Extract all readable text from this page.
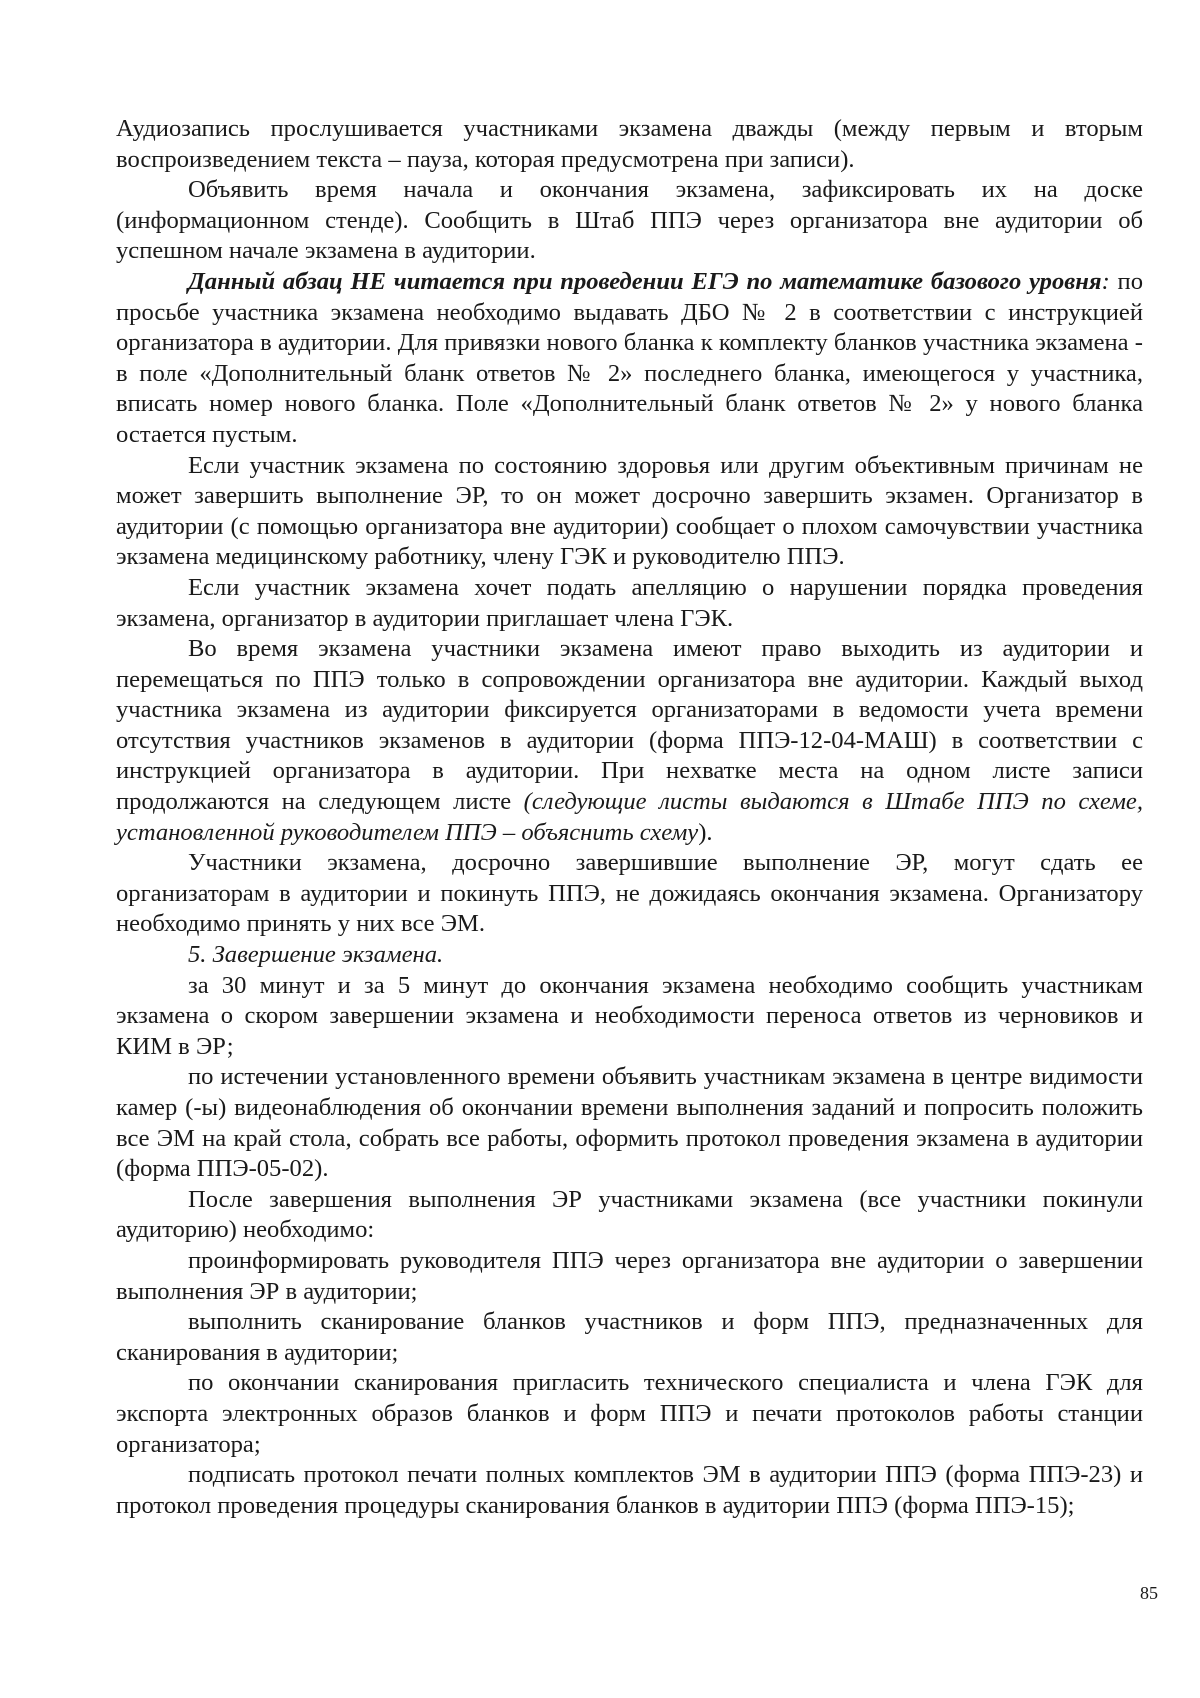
Аудиозапись прослушивается участниками экзамена дважды (между первым и вторым воспроизведением текста – пауза, которая предусмотрена при записи).

Объявить время начала и окончания экзамена, зафиксировать их на доске (информационном стенде). Сообщить в Штаб ППЭ через организатора вне аудитории об успешном начале экзамена в аудитории.

Данный абзац НЕ читается при проведении ЕГЭ по математике базового уровня: по просьбе участника экзамена необходимо выдавать ДБО № 2 в соответствии с инструкцией организатора в аудитории. Для привязки нового бланка к комплекту бланков участника экзамена - в поле «Дополнительный бланк ответов № 2» последнего бланка, имеющегося у участника, вписать номер нового бланка. Поле «Дополнительный бланк ответов № 2» у нового бланка остается пустым.

Если участник экзамена по состоянию здоровья или другим объективным причинам не может завершить выполнение ЭР, то он может досрочно завершить экзамен. Организатор в аудитории (с помощью организатора вне аудитории) сообщает о плохом самочувствии участника экзамена медицинскому работнику, члену ГЭК и руководителю ППЭ.

Если участник экзамена хочет подать апелляцию о нарушении порядка проведения экзамена, организатор в аудитории приглашает члена ГЭК.

Во время экзамена участники экзамена имеют право выходить из аудитории и перемещаться по ППЭ только в сопровождении организатора вне аудитории. Каждый выход участника экзамена из аудитории фиксируется организаторами в ведомости учета времени отсутствия участников экзаменов в аудитории (форма ППЭ-12-04-МАШ) в соответствии с инструкцией организатора в аудитории. При нехватке места на одном листе записи продолжаются на следующем листе (следующие листы выдаются в Штабе ППЭ по схеме, установленной руководителем ППЭ – объяснить схему).

Участники экзамена, досрочно завершившие выполнение ЭР, могут сдать ее организаторам в аудитории и покинуть ППЭ, не дожидаясь окончания экзамена. Организатору необходимо принять у них все ЭМ.

5. Завершение экзамена.

за 30 минут и за 5 минут до окончания экзамена необходимо сообщить участникам экзамена о скором завершении экзамена и необходимости переноса ответов из черновиков и КИМ в ЭР;

по истечении установленного времени объявить участникам экзамена в центре видимости камер (-ы) видеонаблюдения об окончании времени выполнения заданий и попросить положить все ЭМ на край стола, собрать все работы, оформить протокол проведения экзамена в аудитории (форма ППЭ-05-02).

После завершения выполнения ЭР участниками экзамена (все участники покинули аудиторию) необходимо:

проинформировать руководителя ППЭ через организатора вне аудитории о завершении выполнения ЭР в аудитории;

выполнить сканирование бланков участников и форм ППЭ, предназначенных для сканирования в аудитории;

по окончании сканирования пригласить технического специалиста и члена ГЭК для экспорта электронных образов бланков и форм ППЭ и печати протоколов работы станции организатора;

подписать протокол печати полных комплектов ЭМ в аудитории ППЭ (форма ППЭ-23) и протокол проведения процедуры сканирования бланков в аудитории ППЭ (форма ППЭ-15);

85
